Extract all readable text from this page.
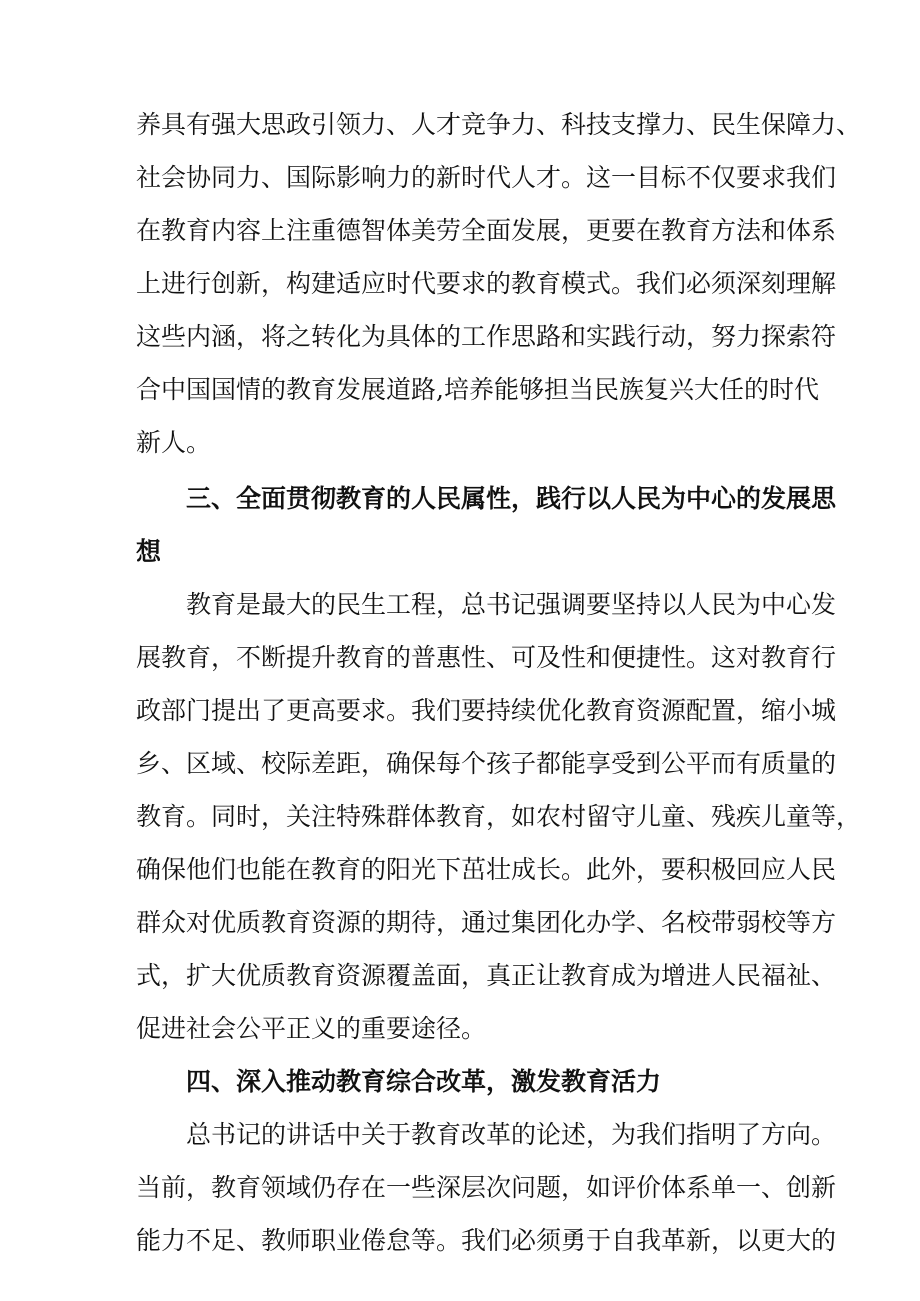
养具有强大思政引领力、人才竞争力、科技支撑力、民生保障力、
社会协同力、国际影响力的新时代人才。这一目标不仅要求我们
在教育内容上注重德智体美劳全面发展，更要在教育方法和体系
上进行创新，构建适应时代要求的教育模式。我们必须深刻理解
这些内涵，将之转化为具体的工作思路和实践行动，努力探索符
合中国国情的教育发展道路,培养能够担当民族复兴大任的时代
新人。
三、全面贯彻教育的人民属性，践行以人民为中心的发展思
想
教育是最大的民生工程，总书记强调要坚持以人民为中心发
展教育，不断提升教育的普惠性、可及性和便捷性。这对教育行
政部门提出了更高要求。我们要持续优化教育资源配置，缩小城
乡、区域、校际差距，确保每个孩子都能享受到公平而有质量的
教育。同时，关注特殊群体教育，如农村留守儿童、残疾儿童等，
确保他们也能在教育的阳光下茁壮成长。此外，要积极回应人民
群众对优质教育资源的期待，通过集团化办学、名校带弱校等方
式，扩大优质教育资源覆盖面，真正让教育成为增进人民福祉、
促进社会公平正义的重要途径。
四、深入推动教育综合改革，激发教育活力
总书记的讲话中关于教育改革的论述，为我们指明了方向。
当前，教育领域仍存在一些深层次问题，如评价体系单一、创新
能力不足、教师职业倦怠等。我们必须勇于自我革新，以更大的
